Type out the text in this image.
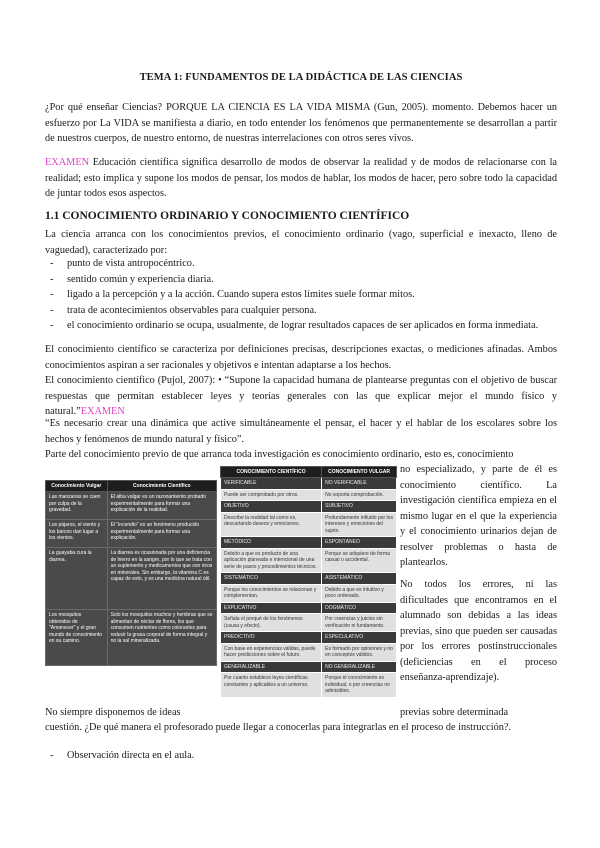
TEMA 1: FUNDAMENTOS DE LA DIDÁCTICA DE LAS CIENCIAS
¿Por qué enseñar Ciencias? PORQUE LA CIENCIA ES LA VIDA MISMA (Gun, 2005). momento. Debemos hacer un esfuerzo por La VIDA se manifiesta a diario, en todo entender los fenómenos que permanentemente se desarrollan a partir de nuestros cuerpos, de nuestro entorno, de nuestras interrelaciones con otros seres vivos.
EXAMEN Educación científica significa desarrollo de modos de observar la realidad y de modos de relacionarse con la realidad; esto implica y supone los modos de pensar, los modos de hablar, los modos de hacer, pero sobre todo la capacidad de juntar todos esos aspectos.
1.1 CONOCIMIENTO ORDINARIO Y CONOCIMIENTO CIENTÍFICO
La ciencia arranca con los conocimientos previos, el conocimiento ordinario (vago, superficial e inexacto, lleno de vaguedad), caracterizado por:
- punto de vista antropocéntrico.
- sentido común y experiencia diaria.
- ligado a la percepción y a la acción. Cuando supera estos límites suele formar mitos.
- trata de acontecimientos observables para cualquier persona.
- el conocimiento ordinario se ocupa, usualmente, de lograr resultados capaces de ser aplicados en forma inmediata.
El conocimiento científico se caracteriza por definiciones precisas, descripciones exactas, o mediciones afinadas. Ambos conocimientos aspiran a ser racionales y objetivos e intentan adaptarse a los hechos.
El conocimiento científico (Pujol, 2007): • “Supone la capacidad humana de plantearse preguntas con el objetivo de buscar respuestas que permitan establecer leyes y teorías generales con las que explicar mejor el mundo físico y natural.”EXAMEN
“Es necesario crear una dinámica que active simultáneamente el pensar, el hacer y el hablar de los escolares sobre los hechos y fenómenos de mundo natural y físico”.
Parte del conocimiento previo de que arranca toda investigación es conocimiento ordinario, esto es, conocimiento
no especializado, y parte de él es conocimiento científico. La investigación científica empieza en el mismo lugar en el que la experiencia y el conocimiento urinarios dejan de resolver problemas o hasta de plantearlos.
No todos los errores, ni las dificultades que encontramos en el alumnado son debidas a las ideas previas, sino que pueden ser causadas por los errores postinstruccionales (deficiencias en el proceso enseñanza-aprendizaje).
Conocimiento Vulgar	Conocimiento Científico
Las manzanas se caen por culpa de la gravedad.	El alba vulgar es un razonamiento probado experimentalmente para formar una explicación de la realidad.
Los pájaros, el viento y los barcos dan lugar a los vientos.	El "incendio" es un fenómeno producido experimentalmente para formar una explicación.
La guayaba cura la diarrea.	La diarrea es ocasionada por una deficiencia de hierro en la sangre, por lo que se trata con un suplemento y medicamentos que son ricos en minerales. Sin embargo, la vitamina C es capaz de esto, y es una medicina natural útil.
Los mosquitos obtenidos de "Amanecer" y el gran mundo de conocimiento en su camino.	Solo los mosquitos machos y hembras que se alimentan de néctar de flores, los que consumen nutrientes como colorantes para reducir la grasa corporal de forma integral y no la sal mineralizada.
CONOCIMIENTO CIENTÍFICO	CONOCIMIENTO VULGAR
VERIFICABLE	NO VERIFICABLE
Puede ser comprobado por otros.	No soporta comprobación.
OBJETIVO	SUBJETIVO
Describe la realidad tal como es, descartando deseos y emociones.	Profundamente influido por los intereses y emociones del sujeto.
METÓDICO	ESPONTÁNEO
Debido a que es producto de una aplicación planeada e intencional de una serie de pasos y procedimientos técnicos.	Porque se adquiere de forma casual o accidental.
SISTEMÁTICO	ASISTEMÁTICO
Porque los conocimientos se relacionan y complementan.	Debido a que es intuitivo y poco ordenado.
EXPLICATIVO	DOGMÁTICO
Señala el porqué de los fenómenos (causa y efecto).	Por creencias y juicios sin verificación ni fundamento.
PREDICTIVO	ESPECULATIVO
Con base en experiencias válidas, puede hacer predicciones sobre el futuro.	Es formado por opiniones y no en conceptos válidos.
GENERALIZABLE	NO GENERALIZABLE
Por cuanto establece leyes científicas constantes y aplicables a un universo.	Porque el conocimiento es individual, o por creencias no admisibles.
No siempre disponemos de ideas	previas sobre determinada
cuestión. ¿De qué manera el profesorado puede llegar a conocerlas para integrarlas en el proceso de instrucción?.
- Observación directa en el aula.
